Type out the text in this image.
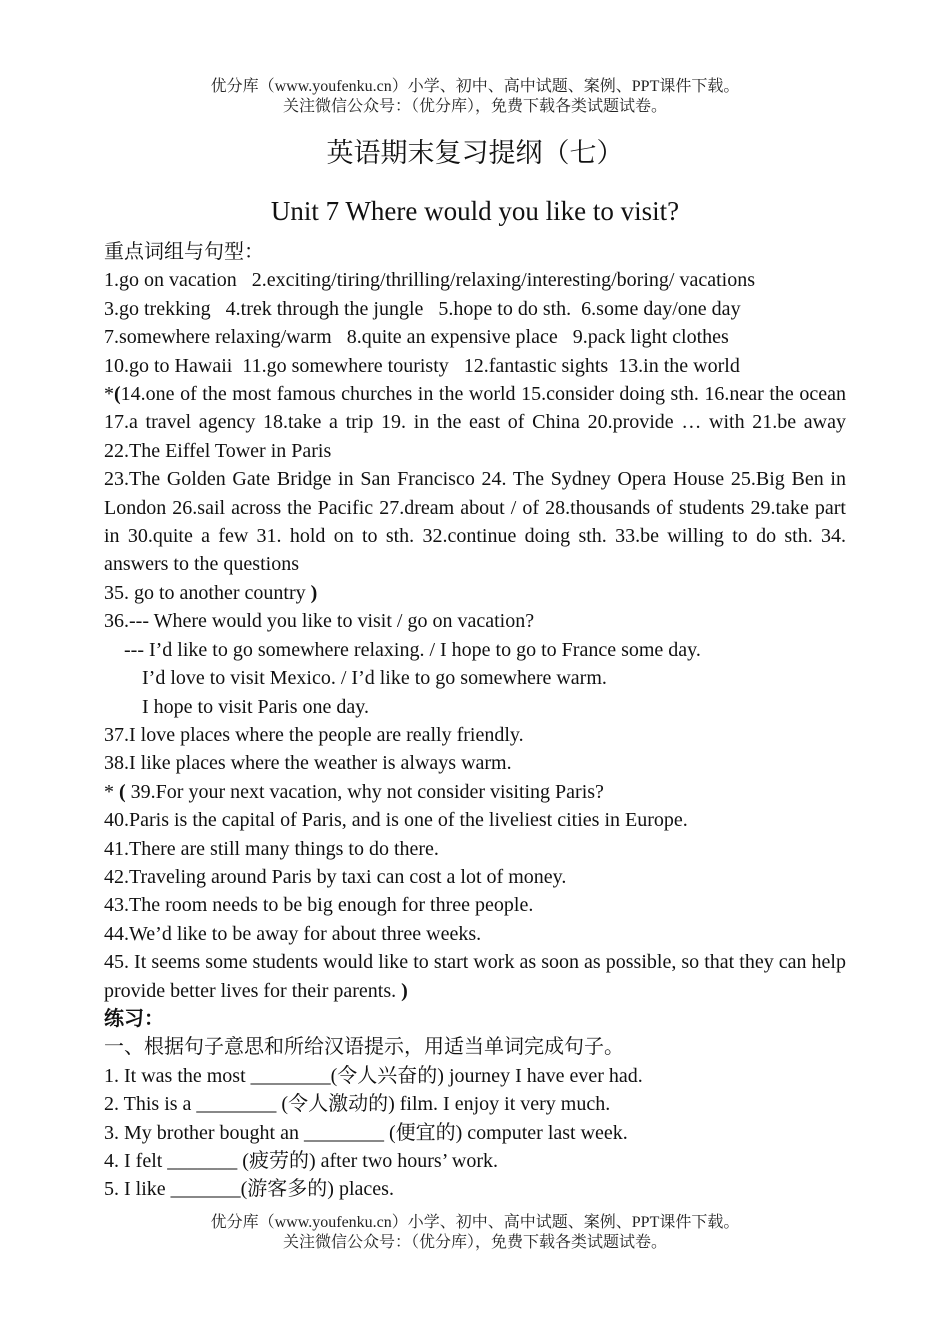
优分库（www.youfenku.cn）小学、初中、高中试题、案例、PPT课件下载。
关注微信公众号：（优分库），免费下载各类试题试卷。
英语期末复习提纲（七）
Unit 7 Where would you like to visit?
重点词组与句型：
1.go on vacation   2.exciting/tiring/thrilling/relaxing/interesting/boring/ vacations
3.go trekking   4.trek through the jungle   5.hope to do sth.  6.some day/one day
7.somewhere relaxing/warm   8.quite an expensive place   9.pack light clothes
10.go to Hawaii  11.go somewhere touristy   12.fantastic sights  13.in the world
*(14.one of the most famous churches in the world 15.consider doing sth. 16.near the ocean 17.a travel agency 18.take a trip 19. in the east of China 20.provide … with 21.be away 22.The Eiffel Tower in Paris
23.The Golden Gate Bridge in San Francisco 24. The Sydney Opera House 25.Big Ben in London 26.sail across the Pacific 27.dream about / of 28.thousands of students 29.take part in 30.quite a few 31. hold on to sth. 32.continue doing sth. 33.be willing to do sth. 34. answers to the questions
35. go to another country )
36.--- Where would you like to visit / go on vacation?
--- I’d like to go somewhere relaxing. / I hope to go to France some day.
I’d love to visit Mexico. / I’d like to go somewhere warm.
I hope to visit Paris one day.
37.I love places where the people are really friendly.
38.I like places where the weather is always warm.
* ( 39.For your next vacation, why not consider visiting Paris?
40.Paris is the capital of Paris, and is one of the liveliest cities in Europe.
41.There are still many things to do there.
42.Traveling around Paris by taxi can cost a lot of money.
43.The room needs to be big enough for three people.
44.We’d like to be away for about three weeks.
45. It seems some students would like to start work as soon as possible, so that they can help provide better lives for their parents. )
练习：
一、根据句子意思和所给汉语提示，用适当单词完成句子。
1. It was the most ________(令人兴奋的) journey I have ever had.
2. This is a ________ (令人激动的) film. I enjoy it very much.
3. My brother bought an ________ (便宜的) computer last week.
4. I felt _______ (疲劳的) after two hours’ work.
5. I like _______(游客多的) places.
优分库（www.youfenku.cn）小学、初中、高中试题、案例、PPT课件下载。
关注微信公众号：（优分库），免费下载各类试题试卷。
